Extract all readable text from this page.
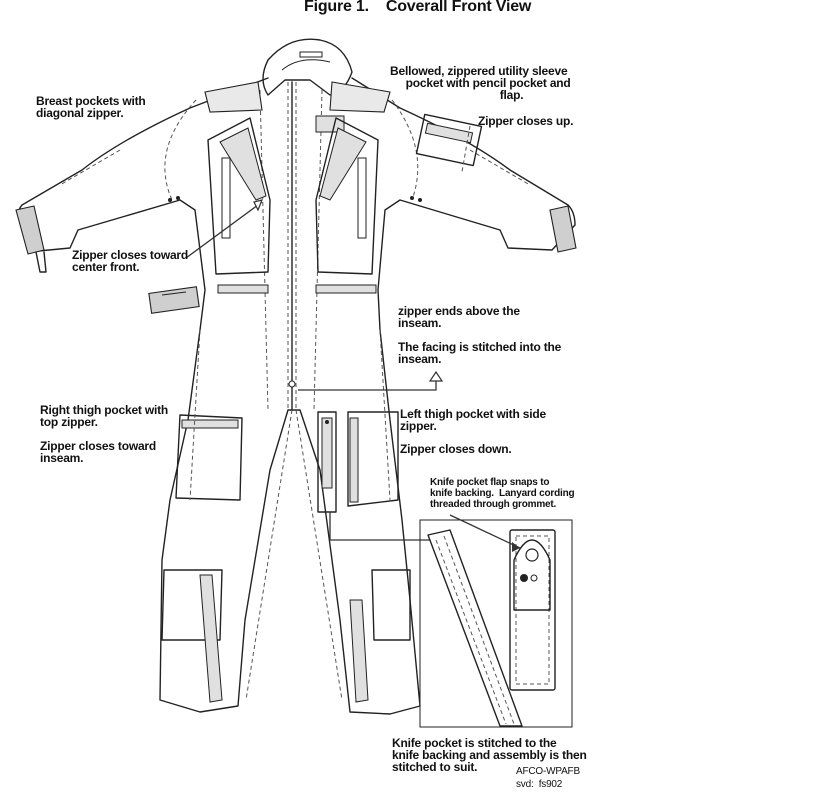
Figure 1.    Coverall Front View
Breast pockets with
diagonal zipper.
Bellowed, zippered utility sleeve
pocket with pencil pocket and
flap.
Zipper closes up.
Zipper closes toward
center front.
zipper ends above the
inseam.
The facing is stitched into the
inseam.
Right thigh pocket with
top zipper.
Zipper closes toward
inseam.
Left thigh pocket with side
zipper.
Zipper closes down.
Knife pocket flap snaps to
knife backing.  Lanyard cording
threaded through grommet.
Knife pocket is stitched to the
knife backing and assembly is then
stitched to suit.	AFCO-WPAFB
svd:  fs902
